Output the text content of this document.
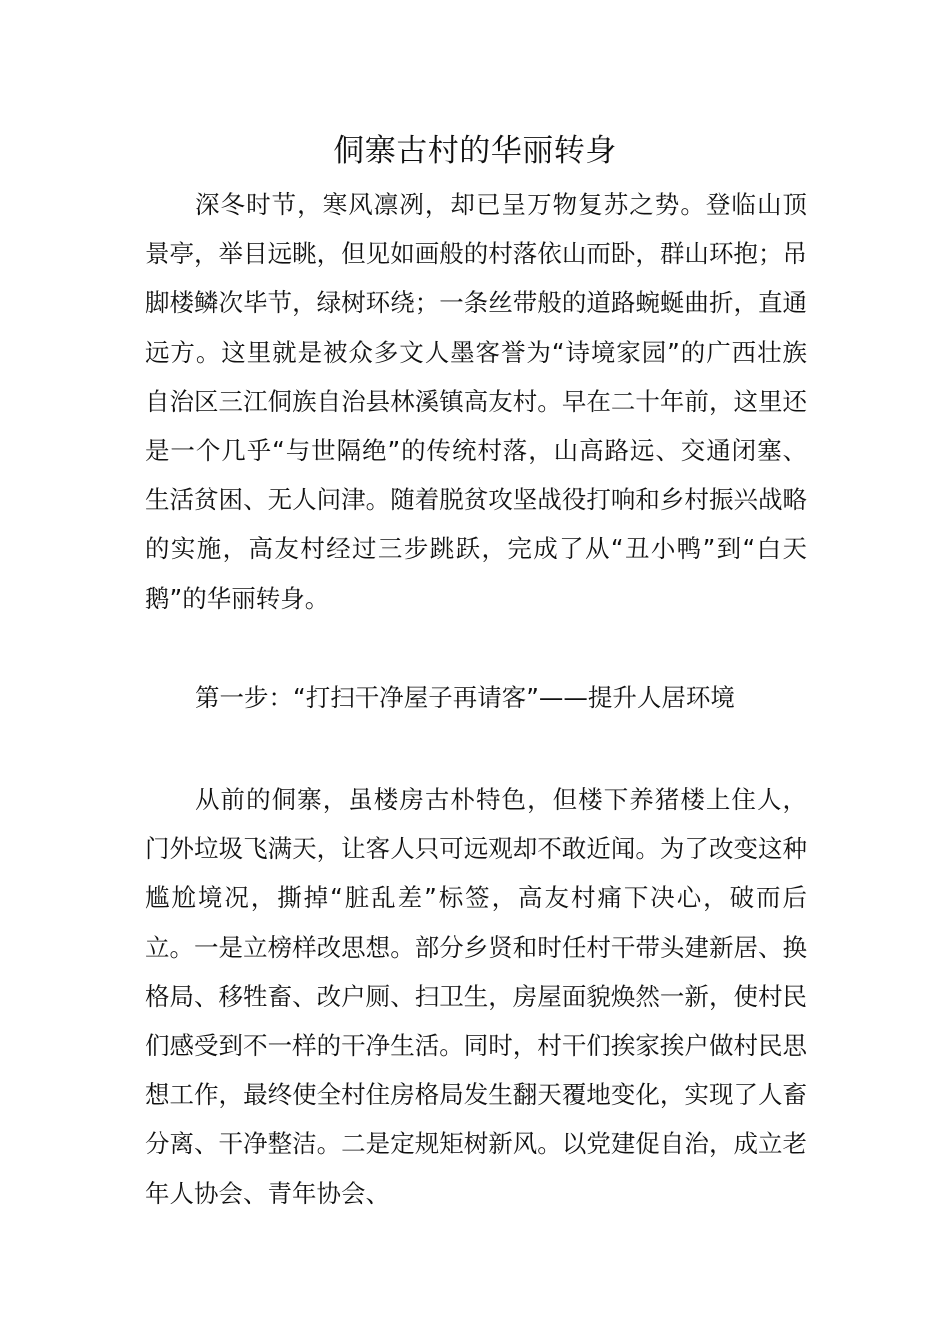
侗寨古村的华丽转身

深冬时节，寒风凛冽，却已呈万物复苏之势。登临山顶景亭，举目远眺，但见如画般的村落依山而卧，群山环抱；吊脚楼鳞次毕节，绿树环绕；一条丝带般的道路蜿蜒曲折，直通远方。这里就是被众多文人墨客誉为“诗境家园”的广西壮族自治区三江侗族自治县林溪镇高友村。早在二十年前，这里还是一个几乎“与世隔绝”的传统村落，山高路远、交通闭塞、生活贫困、无人问津。随着脱贫攻坚战役打响和乡村振兴战略的实施，高友村经过三步跳跃，完成了从“丑小鸭”到“白天鹅”的华丽转身。

第一步：“打扫干净屋子再请客”——提升人居环境

从前的侗寨，虽楼房古朴特色，但楼下养猪楼上住人，门外垃圾飞满天，让客人只可远观却不敢近闻。为了改变这种尴尬境况，撕掉“脏乱差”标签，高友村痛下决心，破而后立。一是立榜样改思想。部分乡贤和时任村干带头建新居、换格局、移牲畜、改户厕、扫卫生，房屋面貌焕然一新，使村民们感受到不一样的干净生活。同时，村干们挨家挨户做村民思想工作，最终使全村住房格局发生翻天覆地变化，实现了人畜分离、干净整洁。二是定规矩树新风。以党建促自治，成立老年人协会、青年协会、
